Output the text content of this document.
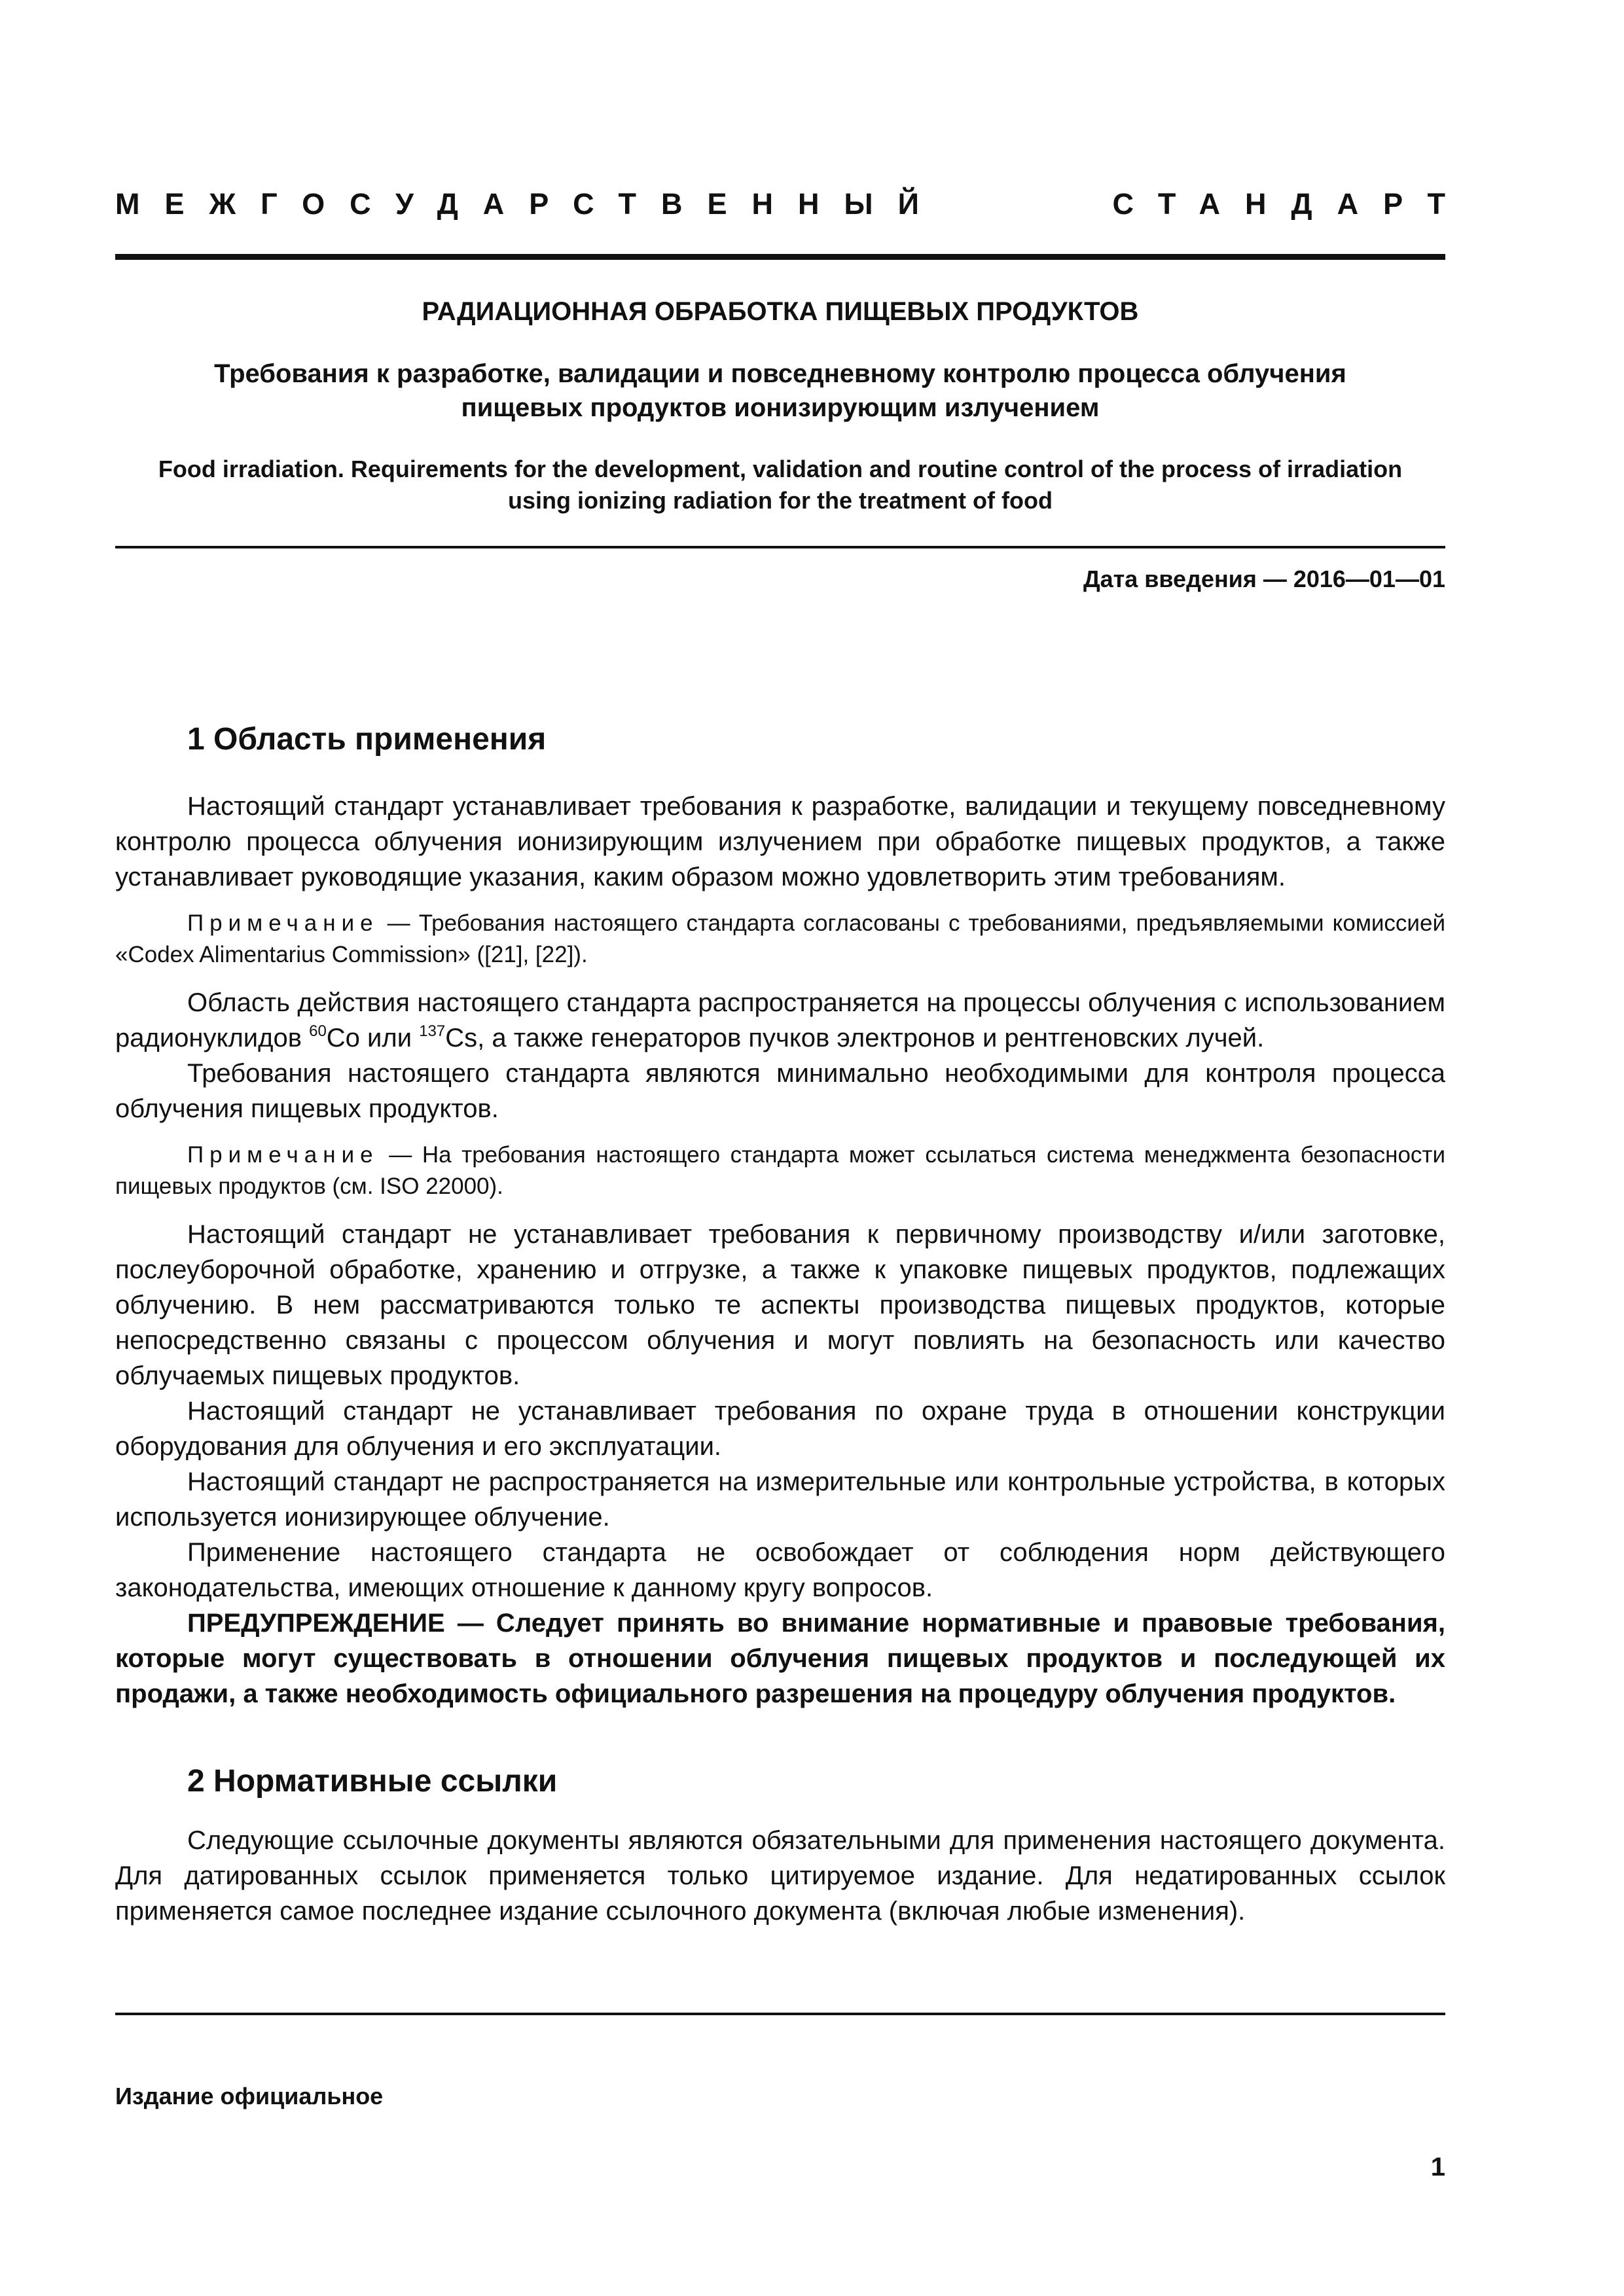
МЕЖГОСУДАРСТВЕННЫЙ	СТАНДАРТ
РАДИАЦИОННАЯ ОБРАБОТКА ПИЩЕВЫХ ПРОДУКТОВ
Требования к разработке, валидации и повседневному контролю процесса облучения
пищевых продуктов ионизирующим излучением
Food irradiation. Requirements for the development, validation and routine control of the process of irradiation
using ionizing radiation for the treatment of food
Дата введения — 2016—01—01
1 Область применения

Настоящий стандарт устанавливает требования к разработке, валидации и текущему повседневному контролю процесса облучения ионизирующим излучением при обработке пищевых продуктов, а также устанавливает руководящие указания, каким образом можно удовлетворить этим требованиям.

Примечание — Требования настоящего стандарта согласованы с требованиями, предъявляемыми комиссией «Codex Alimentarius Commission» ([21], [22]).

Область действия настоящего стандарта распространяется на процессы облучения с использованием радионуклидов $^{60}$Co или $^{137}$Cs, а также генераторов пучков электронов и рентгеновских лучей.

Требования настоящего стандарта являются минимально необходимыми для контроля процесса облучения пищевых продуктов.

Примечание — На требования настоящего стандарта может ссылаться система менеджмента безопасности пищевых продуктов (см. ISO 22000).

Настоящий стандарт не устанавливает требования к первичному производству и/или заготовке, послеуборочной обработке, хранению и отгрузке, а также к упаковке пищевых продуктов, подлежащих облучению. В нем рассматриваются только те аспекты производства пищевых продуктов, которые непосредственно связаны с процессом облучения и могут повлиять на безопасность или качество облучаемых пищевых продуктов.

Настоящий стандарт не устанавливает требования по охране труда в отношении конструкции оборудования для облучения и его эксплуатации.

Настоящий стандарт не распространяется на измерительные или контрольные устройства, в которых используется ионизирующее облучение.

Применение настоящего стандарта не освобождает от соблюдения норм действующего законодательства, имеющих отношение к данному кругу вопросов.

ПРЕДУПРЕЖДЕНИЕ — Следует принять во внимание нормативные и правовые требования, которые могут существовать в отношении облучения пищевых продуктов и последующей их продажи, а также необходимость официального разрешения на процедуру облучения продуктов.

2 Нормативные ссылки

Следующие ссылочные документы являются обязательными для применения настоящего документа. Для датированных ссылок применяется только цитируемое издание. Для недатированных ссылок применяется самое последнее издание ссылочного документа (включая любые изменения).

Издание официальное
1
